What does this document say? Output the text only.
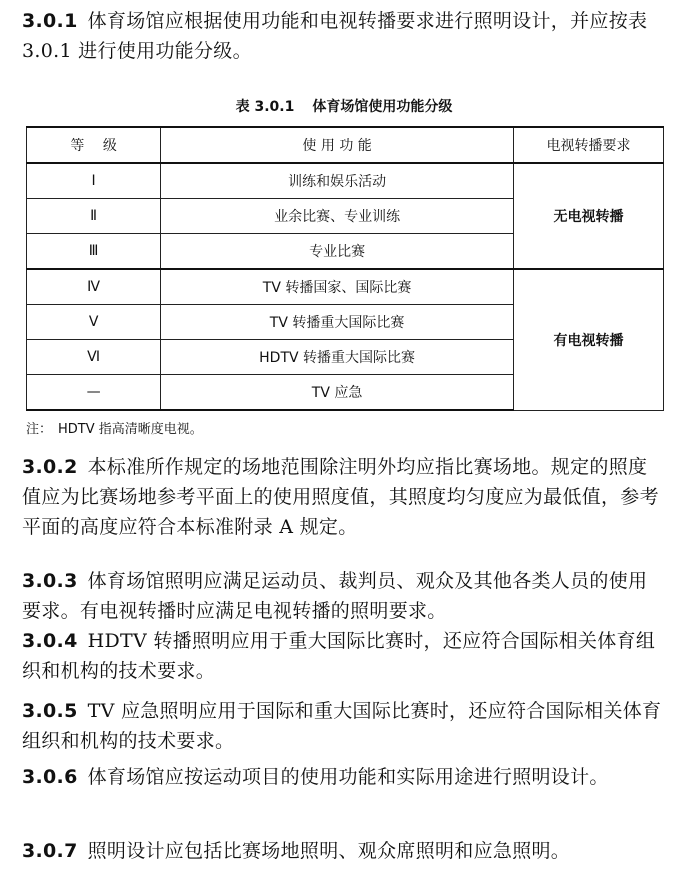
3.0.1 体育场馆应根据使用功能和电视转播要求进行照明设计，并应按表 3.0.1 进行使用功能分级。

表 3.0.1 体育场馆使用功能分级
等　 级	使 用 功 能	电视转播要求
Ⅰ	训练和娱乐活动	无电视转播
Ⅱ	业余比赛、专业训练	
Ⅲ	专业比赛	
Ⅳ	TV 转播国家、国际比赛	有电视转播
Ⅴ	TV 转播重大国际比赛	
Ⅵ	HDTV 转播重大国际比赛	
—	TV 应急	
注： HDTV 指高清晰度电视。

3.0.2 本标准所作规定的场地范围除注明外均应指比赛场地。规定的照度值应为比赛场地参考平面上的使用照度值，其照度均匀度应为最低值，参考平面的高度应符合本标准附录 A 规定。

3.0.3 体育场馆照明应满足运动员、裁判员、观众及其他各类人员的使用要求。有电视转播时应满足电视转播的照明要求。

3.0.4 HDTV 转播照明应用于重大国际比赛时，还应符合国际相关体育组织和机构的技术要求。

3.0.5 TV 应急照明应用于国际和重大国际比赛时，还应符合国际相关体育组织和机构的技术要求。

3.0.6 体育场馆应按运动项目的使用功能和实际用途进行照明设计。

3.0.7 照明设计应包括比赛场地照明、观众席照明和应急照明。
